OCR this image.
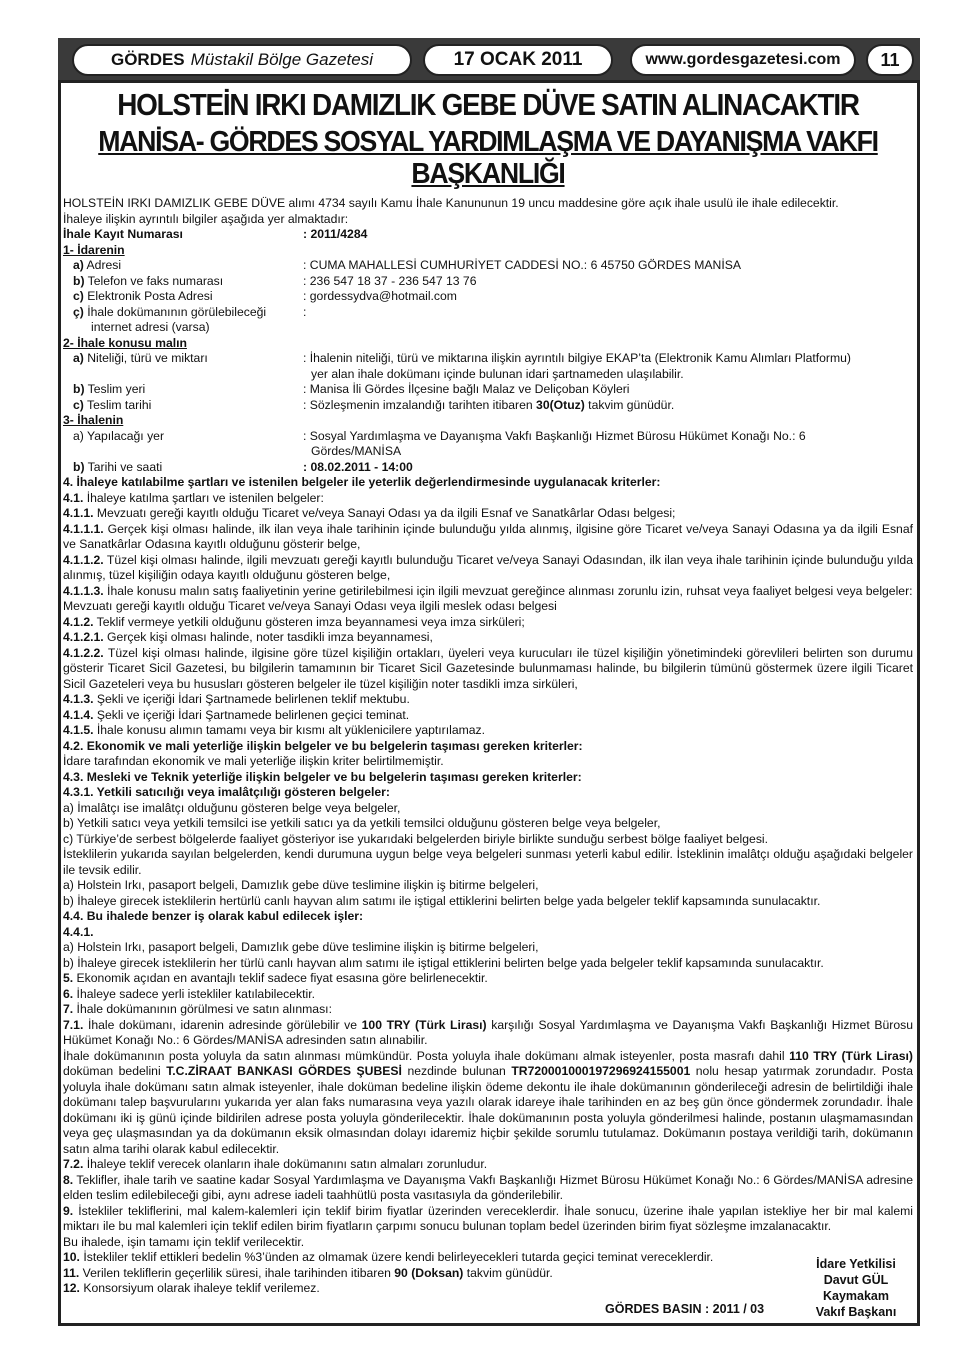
GÖRDES Müstakil Bölge Gazetesi	17 OCAK 2011	www.gordesgazetesi.com 11
HOLSTEİN IRKI DAMIZLIK GEBE DÜVE SATIN ALINACAKTIR
MANİSA- GÖRDES SOSYAL YARDIMLAŞMA VE DAYANIŞMA VAKFI BAŞKANLIĞI

HOLSTEİN IRKI DAMIZLIK GEBE DÜVE alımı 4734 sayılı Kamu İhale Kanununun 19 uncu maddesine göre açık ihale usulü ile ihale edilecektir.

İhaleye ilişkin ayrıntılı bilgiler aşağıda yer almaktadır:

İhale Kayıt Numarası	: 2011/4284
1- İdarenin
a) Adresi	: CUMA MAHALLESİ CUMHURİYET CADDESİ NO.: 6 45750 GÖRDES MANİSA
b) Telefon ve faks numarası	: 236 547 18 37 - 236 547 13 76
c) Elektronik Posta Adresi	: gordessydva@hotmail.com
ç) İhale dokümanının görülebileceği
internet adresi (varsa)
:
2- İhale konusu malın
a) Niteliği, türü ve miktarı	: İhalenin niteliği, türü ve miktarına ilişkin ayrıntılı bilgiye EKAP’ta (Elektronik Kamu Alımları Platformu)
yer alan ihale dokümanı içinde bulunan idari şartnameden ulaşılabilir.
b) Teslim yeri	: Manisa İli Gördes İlçesine bağlı Malaz ve Deliçoban Köyleri
c) Teslim tarihi	: Sözleşmenin imzalandığı tarihten itibaren 30(Otuz) takvim günüdür.
3- İhalenin
a) Yapılacağı yer	: Sosyal Yardımlaşma ve Dayanışma Vakfı Başkanlığı Hizmet Bürosu Hükümet Konağı No.: 6
Gördes/MANİSA
b) Tarihi ve saati	: 08.02.2011 - 14:00

4. İhaleye katılabilme şartları ve istenilen belgeler ile yeterlik değerlendirmesinde uygulanacak kriterler:

4.1. İhaleye katılma şartları ve istenilen belgeler:

4.1.1. Mevzuatı gereği kayıtlı olduğu Ticaret ve/veya Sanayi Odası ya da ilgili Esnaf ve Sanatkârlar Odası belgesi;

4.1.1.1. Gerçek kişi olması halinde, ilk ilan veya ihale tarihinin içinde bulunduğu yılda alınmış, ilgisine göre Ticaret ve/veya Sanayi Odasına ya da ilgili Esnaf ve Sanatkârlar Odasına kayıtlı olduğunu gösterir belge,

4.1.1.2. Tüzel kişi olması halinde, ilgili mevzuatı gereği kayıtlı bulunduğu Ticaret ve/veya Sanayi Odasından, ilk ilan veya ihale tarihinin içinde bulunduğu yılda alınmış, tüzel kişiliğin odaya kayıtlı olduğunu gösteren belge,

4.1.1.3. İhale konusu malın satış faaliyetinin yerine getirilebilmesi için ilgili mevzuat gereğince alınması zorunlu izin, ruhsat veya faaliyet belgesi veya belgeler:

Mevzuatı gereği kayıtlı olduğu Ticaret ve/veya Sanayi Odası veya ilgili meslek odası belgesi

4.1.2. Teklif vermeye yetkili olduğunu gösteren imza beyannamesi veya imza sirküleri;

4.1.2.1. Gerçek kişi olması halinde, noter tasdikli imza beyannamesi,

4.1.2.2. Tüzel kişi olması halinde, ilgisine göre tüzel kişiliğin ortakları, üyeleri veya kurucuları ile tüzel kişiliğin yönetimindeki görevlileri belirten son durumu gösterir Ticaret Sicil Gazetesi, bu bilgilerin tamamının bir Ticaret Sicil Gazetesinde bulunmaması halinde, bu bilgilerin tümünü göstermek üzere ilgili Ticaret Sicil Gazeteleri veya bu hususları gösteren belgeler ile tüzel kişiliğin noter tasdikli imza sirküleri,

4.1.3. Şekli ve içeriği İdari Şartnamede belirlenen teklif mektubu.

4.1.4. Şekli ve içeriği İdari Şartnamede belirlenen geçici teminat.

4.1.5. İhale konusu alımın tamamı veya bir kısmı alt yüklenicilere yaptırılamaz.

4.2. Ekonomik ve mali yeterliğe ilişkin belgeler ve bu belgelerin taşıması gereken kriterler:

İdare tarafından ekonomik ve mali yeterliğe ilişkin kriter belirtilmemiştir.

4.3. Mesleki ve Teknik yeterliğe ilişkin belgeler ve bu belgelerin taşıması gereken kriterler:

4.3.1. Yetkili satıcılığı veya imalâtçılığı gösteren belgeler:

a) İmalâtçı ise imalâtçı olduğunu gösteren belge veya belgeler,

b) Yetkili satıcı veya yetkili temsilci ise yetkili satıcı ya da yetkili temsilci olduğunu gösteren belge veya belgeler,

c) Türkiye’de serbest bölgelerde faaliyet gösteriyor ise yukarıdaki belgelerden biriyle birlikte sunduğu serbest bölge faaliyet belgesi.

İsteklilerin yukarıda sayılan belgelerden, kendi durumuna uygun belge veya belgeleri sunması yeterli kabul edilir. İsteklinin imalâtçı olduğu aşağıdaki belgeler ile tevsik edilir.

a) Holstein Irkı, pasaport belgeli, Damızlık gebe düve teslimine ilişkin iş bitirme belgeleri,

b) İhaleye girecek isteklilerin hertürlü canlı hayvan alım satımı ile iştigal ettiklerini belirten belge yada belgeler teklif kapsamında sunulacaktır.

4.4. Bu ihalede benzer iş olarak kabul edilecek işler:

4.4.1.

a) Holstein Irkı, pasaport belgeli, Damızlık gebe düve teslimine ilişkin iş bitirme belgeleri,

b) İhaleye girecek isteklilerin her türlü canlı hayvan alım satımı ile iştigal ettiklerini belirten belge yada belgeler teklif kapsamında sunulacaktır.

5. Ekonomik açıdan en avantajlı teklif sadece fiyat esasına göre belirlenecektir.

6. İhaleye sadece yerli istekliler katılabilecektir.

7. İhale dokümanının görülmesi ve satın alınması:

7.1. İhale dokümanı, idarenin adresinde görülebilir ve 100 TRY (Türk Lirası) karşılığı Sosyal Yardımlaşma ve Dayanışma Vakfı Başkanlığı Hizmet Bürosu Hükümet Konağı No.: 6 Gördes/MANİSA adresinden satın alınabilir.

İhale dokümanının posta yoluyla da satın alınması mümkündür. Posta yoluyla ihale dokümanı almak isteyenler, posta masrafı dahil 110 TRY (Türk Lirası) doküman bedelini T.C.ZİRAAT BANKASI GÖRDES ŞUBESİ nezdinde bulunan TR720001000197296924155001 nolu hesap yatırmak zorundadır. Posta yoluyla ihale dokümanı satın almak isteyenler, ihale doküman bedeline ilişkin ödeme dekontu ile ihale dokümanının gönderileceği adresin de belirtildiği ihale dokümanı talep başvurularını yukarıda yer alan faks numarasına veya yazılı olarak idareye ihale tarihinden en az beş gün önce göndermek zorundadır. İhale dokümanı iki iş günü içinde bildirilen adrese posta yoluyla gönderilecektir. İhale dokümanının posta yoluyla gönderilmesi halinde, postanın ulaşmamasından veya geç ulaşmasından ya da dokümanın eksik olmasından dolayı idaremiz hiçbir şekilde sorumlu tutulamaz. Dokümanın postaya verildiği tarih, dokümanın satın alma tarihi olarak kabul edilecektir.

7.2. İhaleye teklif verecek olanların ihale dokümanını satın almaları zorunludur.

8. Teklifler, ihale tarih ve saatine kadar Sosyal Yardımlaşma ve Dayanışma Vakfı Başkanlığı Hizmet Bürosu Hükümet Konağı No.: 6 Gördes/MANİSA adresine elden teslim edilebileceği gibi, aynı adrese iadeli taahhütlü posta vasıtasıyla da gönderilebilir.

9. İstekliler tekliflerini, mal kalem-kalemleri için teklif birim fiyatlar üzerinden vereceklerdir. İhale sonucu, üzerine ihale yapılan istekliye her bir mal kalemi miktarı ile bu mal kalemleri için teklif edilen birim fiyatların çarpımı sonucu bulunan toplam bedel üzerinden birim fiyat sözleşme imzalanacaktır.

Bu ihalede, işin tamamı için teklif verilecektir.

10. İstekliler teklif ettikleri bedelin %3’ünden az olmamak üzere kendi belirleyecekleri tutarda geçici teminat vereceklerdir.

11. Verilen tekliflerin geçerlilik süresi, ihale tarihinden itibaren 90 (Doksan) takvim günüdür.

12. Konsorsiyum olarak ihaleye teklif verilemez.

GÖRDES BASIN : 2011 / 03
İdare Yetkilisi
Davut GÜL
Kaymakam
Vakıf Başkanı
